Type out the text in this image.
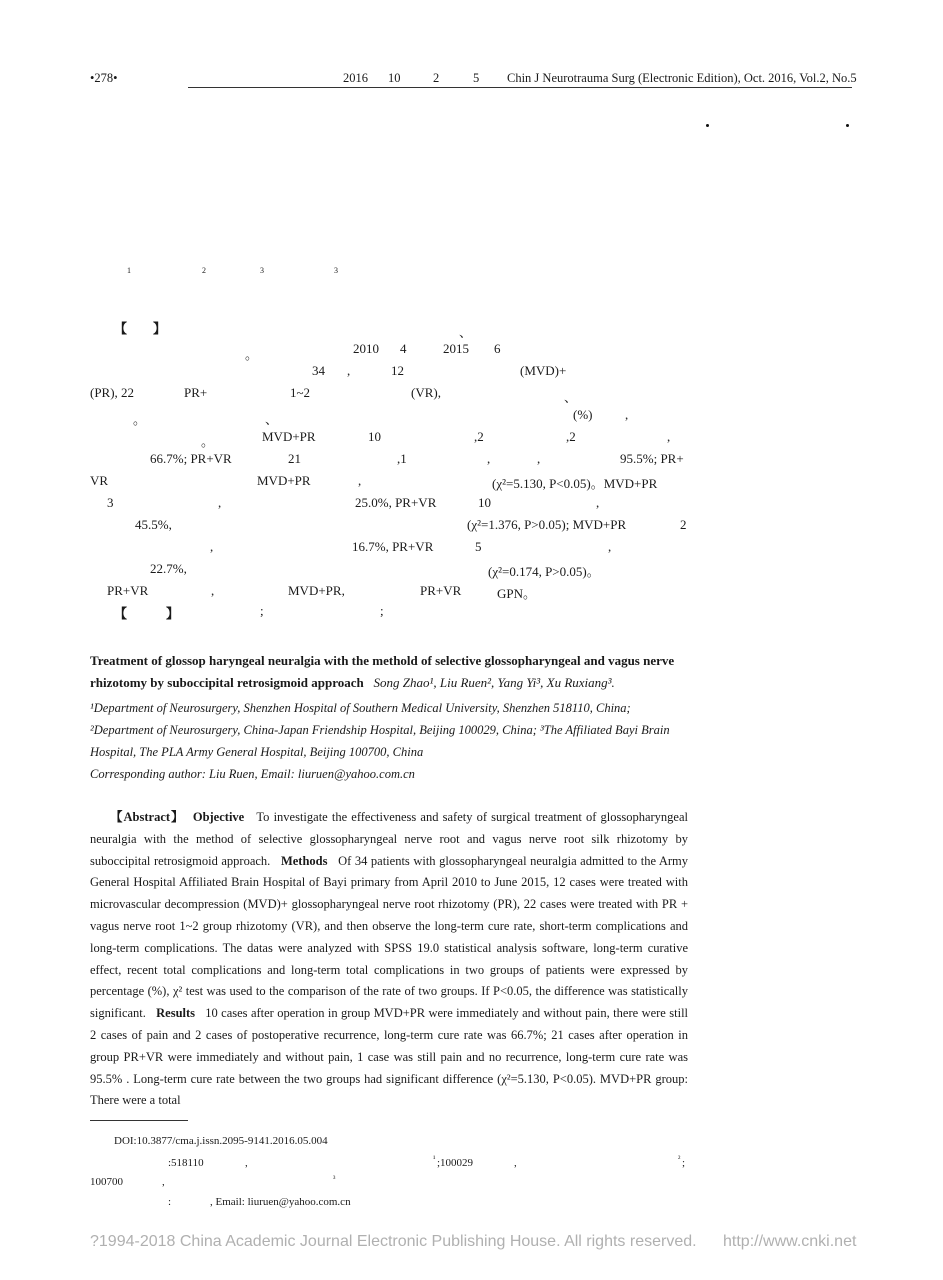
•278•	2016 10	2	5 Chin J Neurotrauma Surg (Electronic Edition), Oct. 2016, Vol.2, No.5
1	2	3	3
【　　】	、
。	2010 4	2015 6
34 ,	12	(MVD)+
(PR), 22	PR+	1~2	(VR),	、
。	、	(%)	,
。	MVD+PR	10	,2	,2	,
66.7%; PR+VR	21	,1	,	,	95.5%; PR+
VR	MVD+PR	,	(χ²=5.130, P<0.05)。MVD+PR
3	,	25.0%, PR+VR	10	,
45.5%,	(χ²=1.376, P>0.05); MVD+PR	2
,	16.7%, PR+VR	5	,
22.7%,	(χ²=0.174, P>0.05)。
PR+VR	,	MVD+PR,	PR+VR	GPN。
【　　　】	;	;
Treatment of glossop haryngeal neuralgia with the methold of selective glossopharyngeal and vagus nerve rhizotomy by suboccipital retrosigmoid approach Song Zhao¹, Liu Ruen², Yang Yi³, Xu Ruxiang³.
¹Department of Neurosurgery, Shenzhen Hospital of Southern Medical University, Shenzhen 518110, China; ²Department of Neurosurgery, China-Japan Friendship Hospital, Beijing 100029, China; ³The Affiliated Bayi Brain Hospital, The PLA Army General Hospital, Beijing 100700, China
Corresponding author: Liu Ruen, Email: liuruen@yahoo.com.cn
【Abstract】 Objective To investigate the effectiveness and safety of surgical treatment of glossopharyngeal neuralgia with the method of selective glossopharyngeal nerve root and vagus nerve root silk rhizotomy by suboccipital retrosigmoid approach. Methods Of 34 patients with glossopharyngeal neuralgia admitted to the Army General Hospital Affiliated Brain Hospital of Bayi primary from April 2010 to June 2015, 12 cases were treated with microvascular decompression (MVD)+ glossopharyngeal nerve root rhizotomy (PR), 22 cases were treated with PR + vagus nerve root 1~2 group rhizotomy (VR), and then observe the long-term cure rate, short-term complications and long-term complications. The datas were analyzed with SPSS 19.0 statistical analysis software, long-term curative effect, recent total complications and long-term total complications in two groups of patients were expressed by percentage (%), χ² test was used to the comparison of the rate of two groups. If P<0.05, the difference was statistically significant. Results 10 cases after operation in group MVD+PR were immediately and without pain, there were still 2 cases of pain and 2 cases of postoperative recurrence, long-term cure rate was 66.7%; 21 cases after operation in group PR+VR were immediately and without pain, 1 case was still pain and no recurrence, long-term cure rate was 95.5% . Long-term cure rate between the two groups had significant difference (χ²=5.130, P<0.05). MVD+PR group: There were a total
DOI:10.3877/cma.j.issn.2095-9141.2016.05.004
:518110	,	¹ ;100029	,	² ;
100700	,	³
:	, Email: liuruen@yahoo.com.cn
?1994-2018 China Academic Journal Electronic Publishing House. All rights reserved. http://www.cnki.net
